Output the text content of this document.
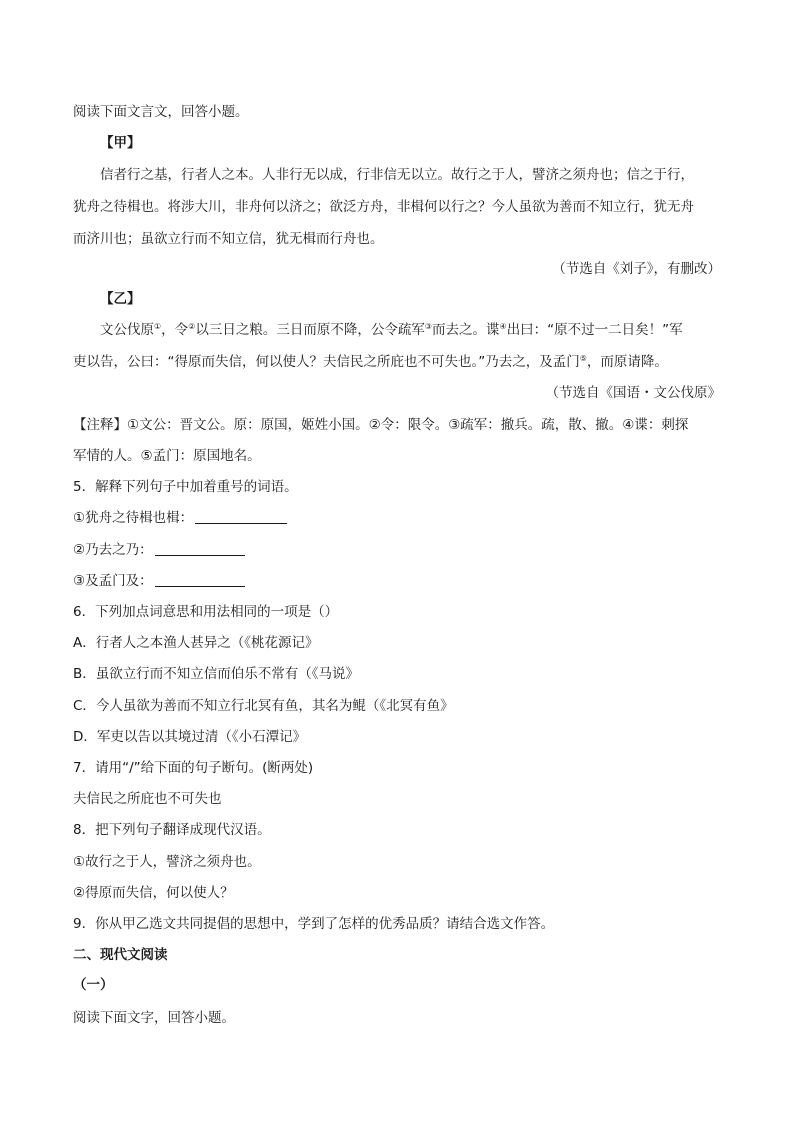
阅读下面文言文，回答小题。
【甲】
信者行之基，行者人之本。人非行无以成，行非信无以立。故行之于人，譬济之须舟也；信之于行，
犹舟之待楫也。将涉大川，非舟何以济之；欲泛方舟，非楫何以行之？今人虽欲为善而不知立行，犹无舟
而济川也；虽欲立行而不知立信，犹无楫而行舟也。
（节选自《刘子》，有删改）
【乙】
文公伐原①，令②以三日之粮。三日而原不降，公令疏军③而去之。谍④出曰：“原不过一二日矣！”军
吏以告，公曰：“得原而失信，何以使人？夫信民之所庇也不可失也。”乃去之，及孟门⑤，而原请降。
（节选自《国语・文公伐原》
【注释】①文公：晋文公。原：原国，姬姓小国。②令：限令。③疏军：撤兵。疏，散、撤。④谍：刺探
军情的人。⑤孟门：原国地名。
5．解释下列句子中加着重号的词语。
①犹舟之待楫也楫：
②乃去之乃：
③及孟门及：
6．下列加点词意思和用法相同的一项是（）
A．行者人之本渔人甚异之（《桃花源记》
B．虽欲立行而不知立信而伯乐不常有（《马说》
C．今人虽欲为善而不知立行北冥有鱼，其名为鲲（《北冥有鱼》
D．军吏以告以其境过清（《小石潭记》
7．请用“/”给下面的句子断句。(断两处)
夫信民之所庇也不可失也
8．把下列句子翻译成现代汉语。
①故行之于人，譬济之须舟也。
②得原而失信，何以使人？
9．你从甲乙选文共同提倡的思想中，学到了怎样的优秀品质？请结合选文作答。
二、现代文阅读
（一）
阅读下面文字，回答小题。
